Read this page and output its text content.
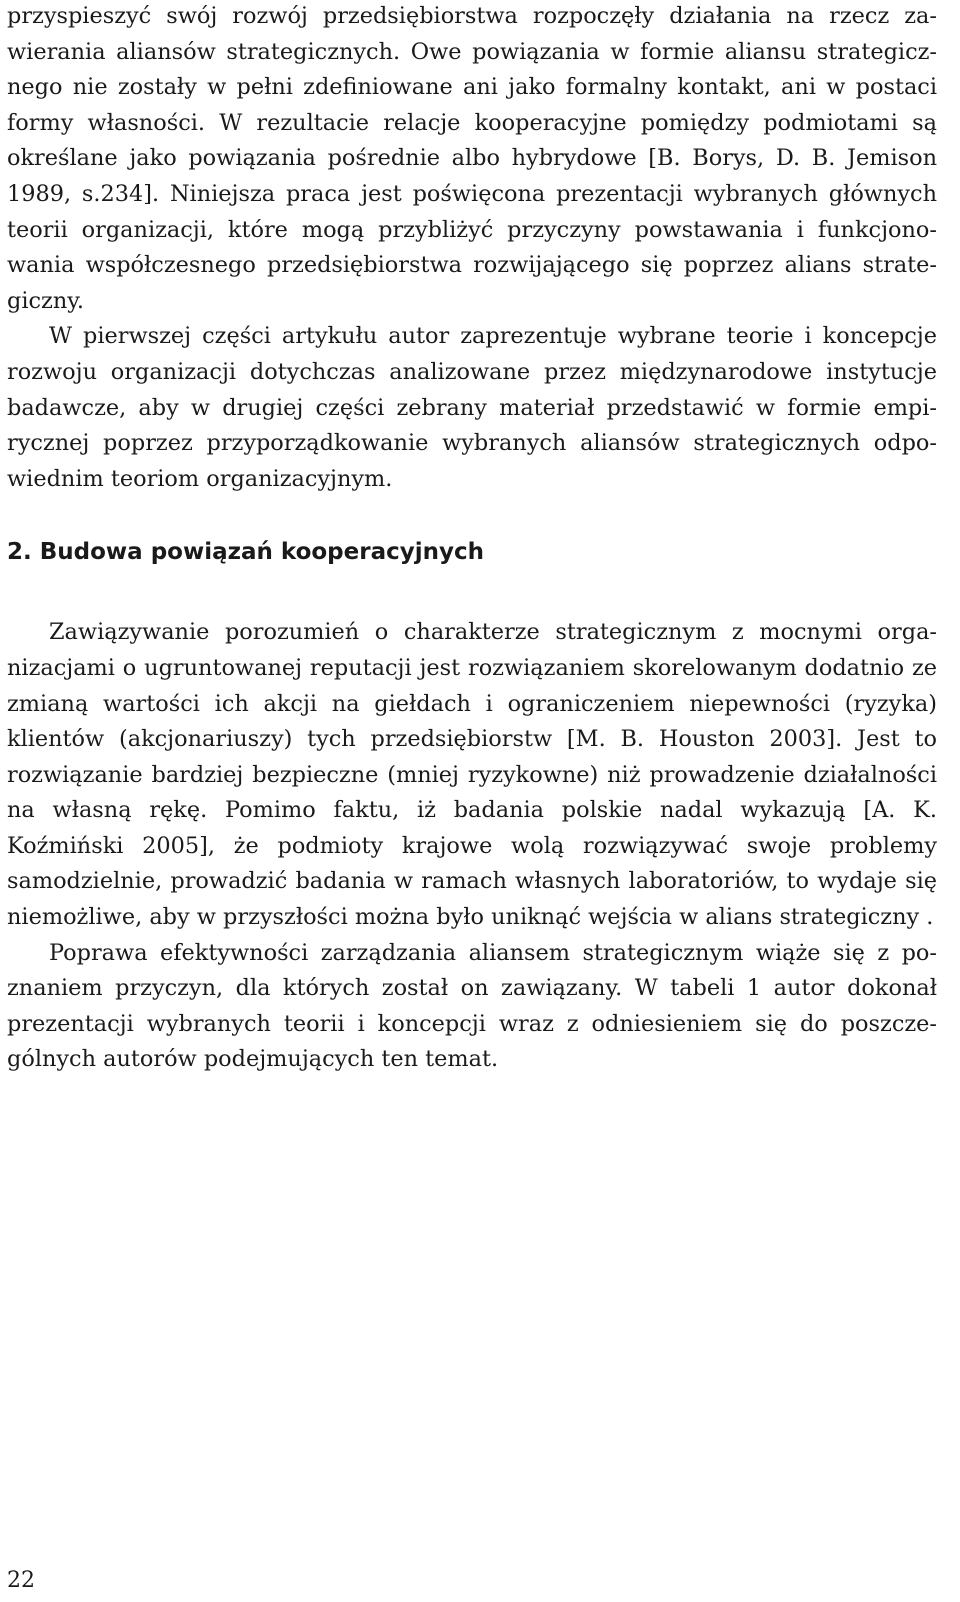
przyspieszyć swój rozwój przedsiębiorstwa rozpoczęły działania na rzecz zawierania aliansów strategicznych. Owe powiązania w formie aliansu strategicznego nie zostały w pełni zdefiniowane ani jako formalny kontakt, ani w postaci formy własności. W rezultacie relacje kooperacyjne pomiędzy podmiotami są określane jako powiązania pośrednie albo hybrydowe [B. Borys, D. B. Jemison 1989, s.234]. Niniejsza praca jest poświęcona prezentacji wybranych głównych teorii organizacji, które mogą przybliżyć przyczyny powstawania i funkcjonowania współczesnego przedsiębiorstwa rozwijającego się poprzez alians strategiczny.

W pierwszej części artykułu autor zaprezentuje wybrane teorie i koncepcje rozwoju organizacji dotychczas analizowane przez międzynarodowe instytucje badawcze, aby w drugiej części zebrany materiał przedstawić w formie empirycznej poprzez przyporządkowanie wybranych aliansów strategicznych odpowiednim teoriom organizacyjnym.

2. Budowa powiązań kooperacyjnych

Zawiązywanie porozumień o charakterze strategicznym z mocnymi organizacjami o ugruntowanej reputacji jest rozwiązaniem skorelowanym dodatnio ze zmianą wartości ich akcji na giełdach i ograniczeniem niepewności (ryzyka) klientów (akcjonariuszy) tych przedsiębiorstw [M. B. Houston 2003]. Jest to rozwiązanie bardziej bezpieczne (mniej ryzykowne) niż prowadzenie działalności na własną rękę. Pomimo faktu, iż badania polskie nadal wykazują [A. K. Koźmiński 2005], że podmioty krajowe wolą rozwiązywać swoje problemy samodzielnie, prowadzić badania w ramach własnych laboratoriów, to wydaje się niemożliwe, aby w przyszłości można było uniknąć wejścia w alians strategiczny .

Poprawa efektywności zarządzania aliansem strategicznym wiąże się z poznaniem przyczyn, dla których został on zawiązany. W tabeli 1 autor dokonał prezentacji wybranych teorii i koncepcji wraz z odniesieniem się do poszczególnych autorów podejmujących ten temat.

22
